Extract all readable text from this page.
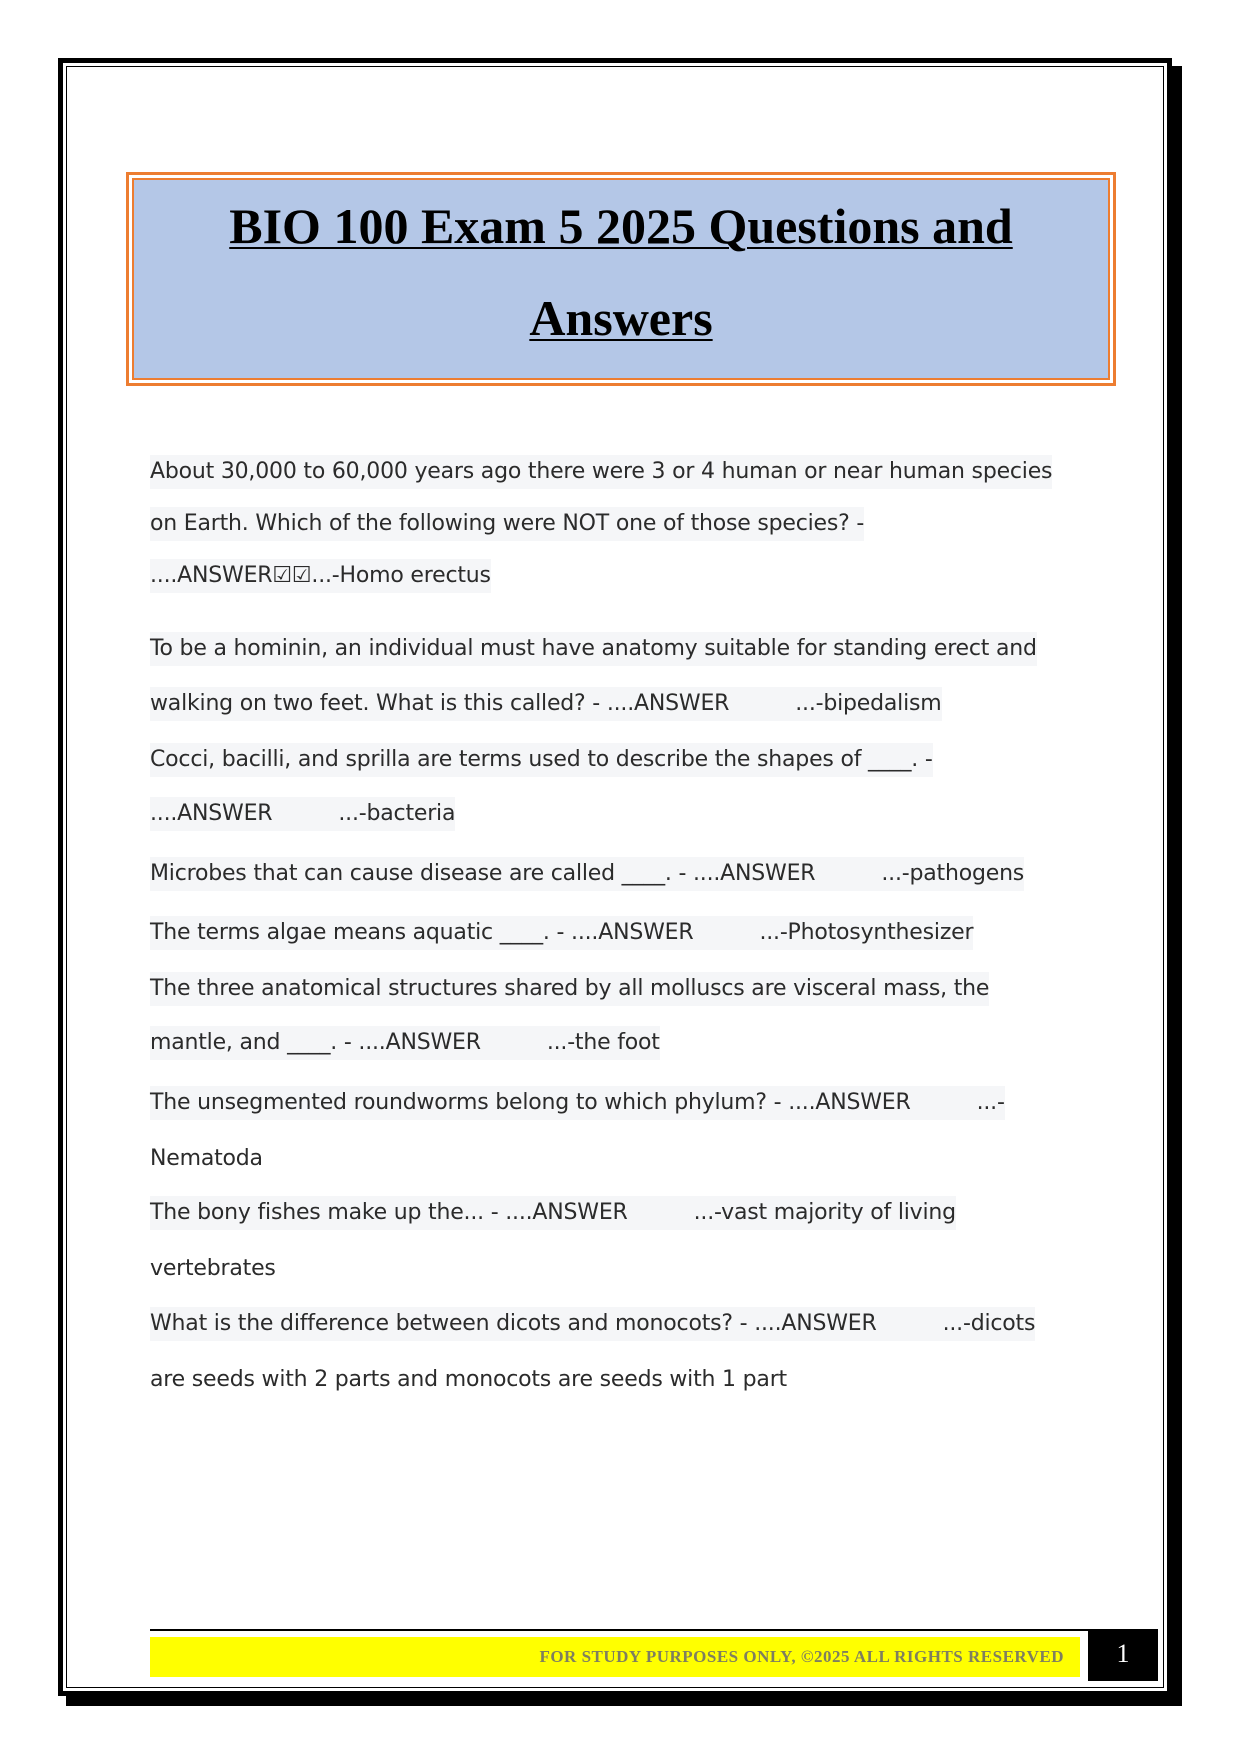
BIO 100 Exam 5 2025 Questions and
Answers
About 30,000 to 60,000 years ago there were 3 or 4 human or near human species
on Earth. Which of the following were NOT one of those species? -
....ANSWER☑☑...-Homo erectus
To be a hominin, an individual must have anatomy suitable for standing erect and
walking on two feet. What is this called? - ....ANSWER	...-bipedalism
Cocci, bacilli, and sprilla are terms used to describe the shapes of ____. -
....ANSWER	...-bacteria
Microbes that can cause disease are called ____. - ....ANSWER	...-pathogens
The terms algae means aquatic ____. - ....ANSWER	...-Photosynthesizer
The three anatomical structures shared by all molluscs are visceral mass, the
mantle, and ____. - ....ANSWER	...-the foot
The unsegmented roundworms belong to which phylum? - ....ANSWER	...-
Nematoda
The bony fishes make up the... - ....ANSWER	...-vast majority of living
vertebrates
What is the difference between dicots and monocots? - ....ANSWER	...-dicots
are seeds with 2 parts and monocots are seeds with 1 part
FOR STUDY PURPOSES ONLY, ©2025 ALL RIGHTS RESERVED	1
